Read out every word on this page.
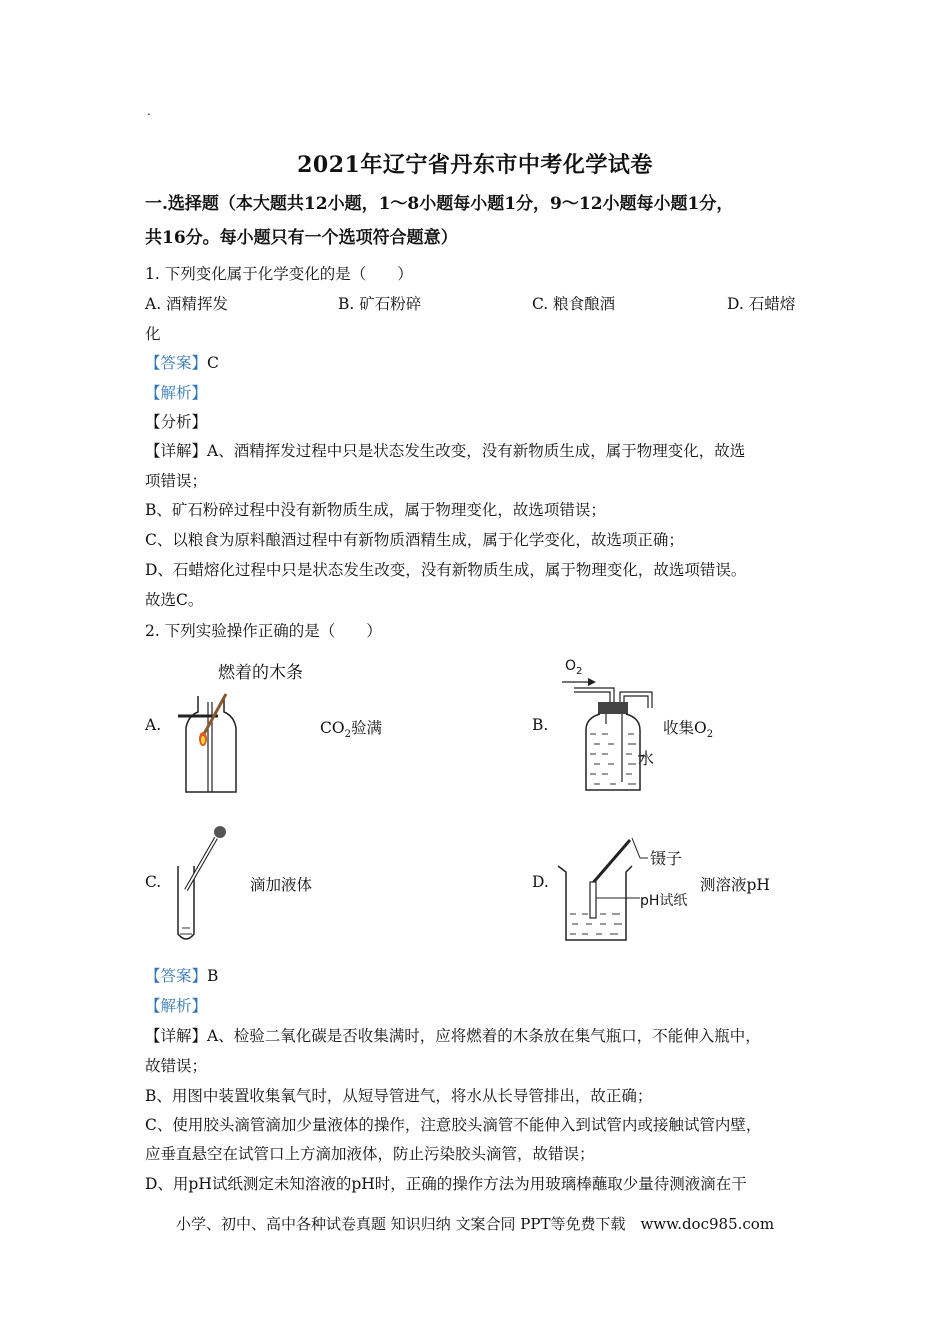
.
2021年辽宁省丹东市中考化学试卷
一.选择题（本大题共12小题，1～8小题每小题1分，9～12小题每小题1分，
共16分。每小题只有一个选项符合题意）
1. 下列变化属于化学变化的是（　　）
A. 酒精挥发	B. 矿石粉碎	C. 粮食酿酒	D. 石蜡熔
化
【答案】C
【解析】
【分析】
【详解】A、酒精挥发过程中只是状态发生改变，没有新物质生成，属于物理变化，故选
项错误；
B、矿石粉碎过程中没有新物质生成，属于物理变化，故选项错误；
C、以粮食为原料酿酒过程中有新物质酒精生成，属于化学变化，故选项正确；
D、石蜡熔化过程中只是状态发生改变，没有新物质生成，属于物理变化，故选项错误。
故选C。
2. 下列实验操作正确的是（　　）
A.
燃着的木条
$CO_2$验满	B.
$O_2$
水
收集$O_2$
C.	滴加液体	D.
镊子
pH试纸
测溶液pH
【答案】B
【解析】
【详解】A、检验二氧化碳是否收集满时，应将燃着的木条放在集气瓶口，不能伸入瓶中，
故错误；
B、用图中装置收集氧气时，从短导管进气，将水从长导管排出，故正确；
C、使用胶头滴管滴加少量液体的操作，注意胶头滴管不能伸入到试管内或接触试管内壁，
应垂直悬空在试管口上方滴加液体，防止污染胶头滴管，故错误；
D、用pH试纸测定未知溶液的pH时，正确的操作方法为用玻璃棒蘸取少量待测液滴在干
小学、初中、高中各种试卷真题 知识归纳 文案合同 PPT等免费下载　www.doc985.com
